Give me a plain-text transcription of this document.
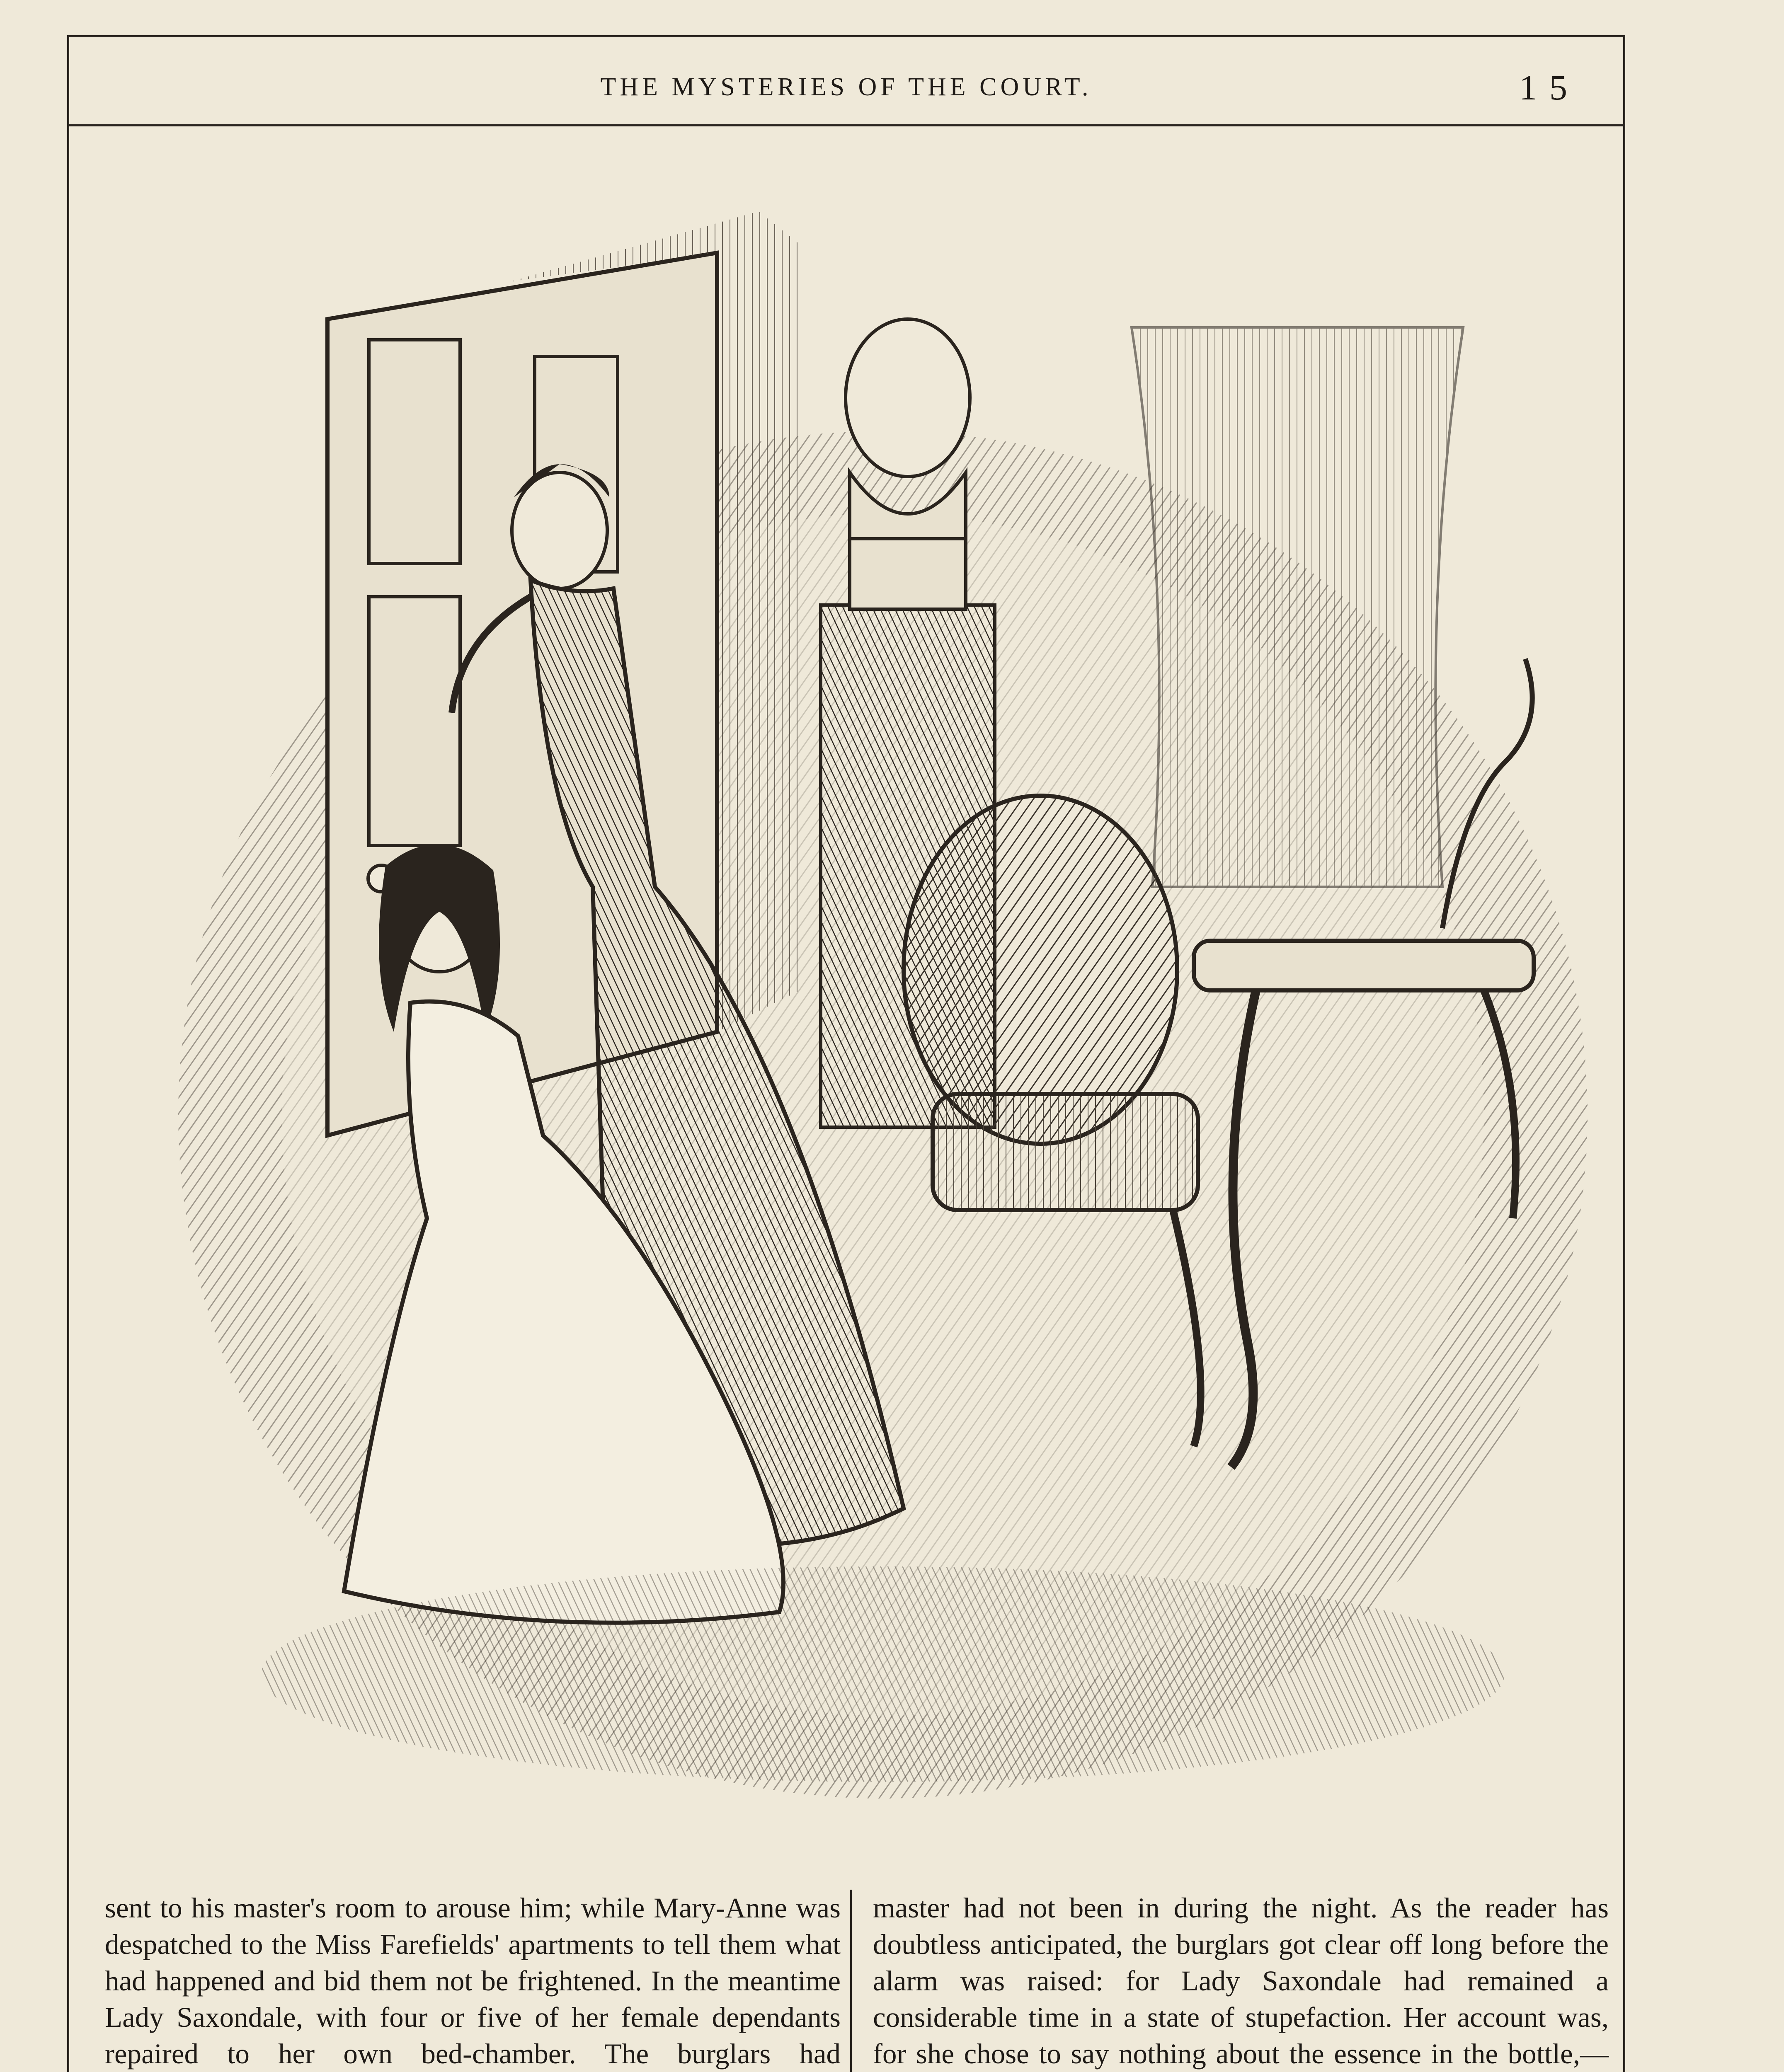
THE MYSTERIES OF THE COURT.	15

sent to his master's room to arouse him; while Mary-Anne was despatched to the Miss Farefields' apartments to tell them what had happened and bid them not be frightened. In the meantime Lady Saxondale, with four or five of her female dependants repaired to her own bed-chamber. The burglars had

master had not been in during the night. As the reader has doubtless anticipated, the burglars got clear off long before the alarm was raised: for Lady Saxondale had remained a considerable time in a state of stupefaction. Her account was, for she chose to say nothing about the essence in the bottle,—
